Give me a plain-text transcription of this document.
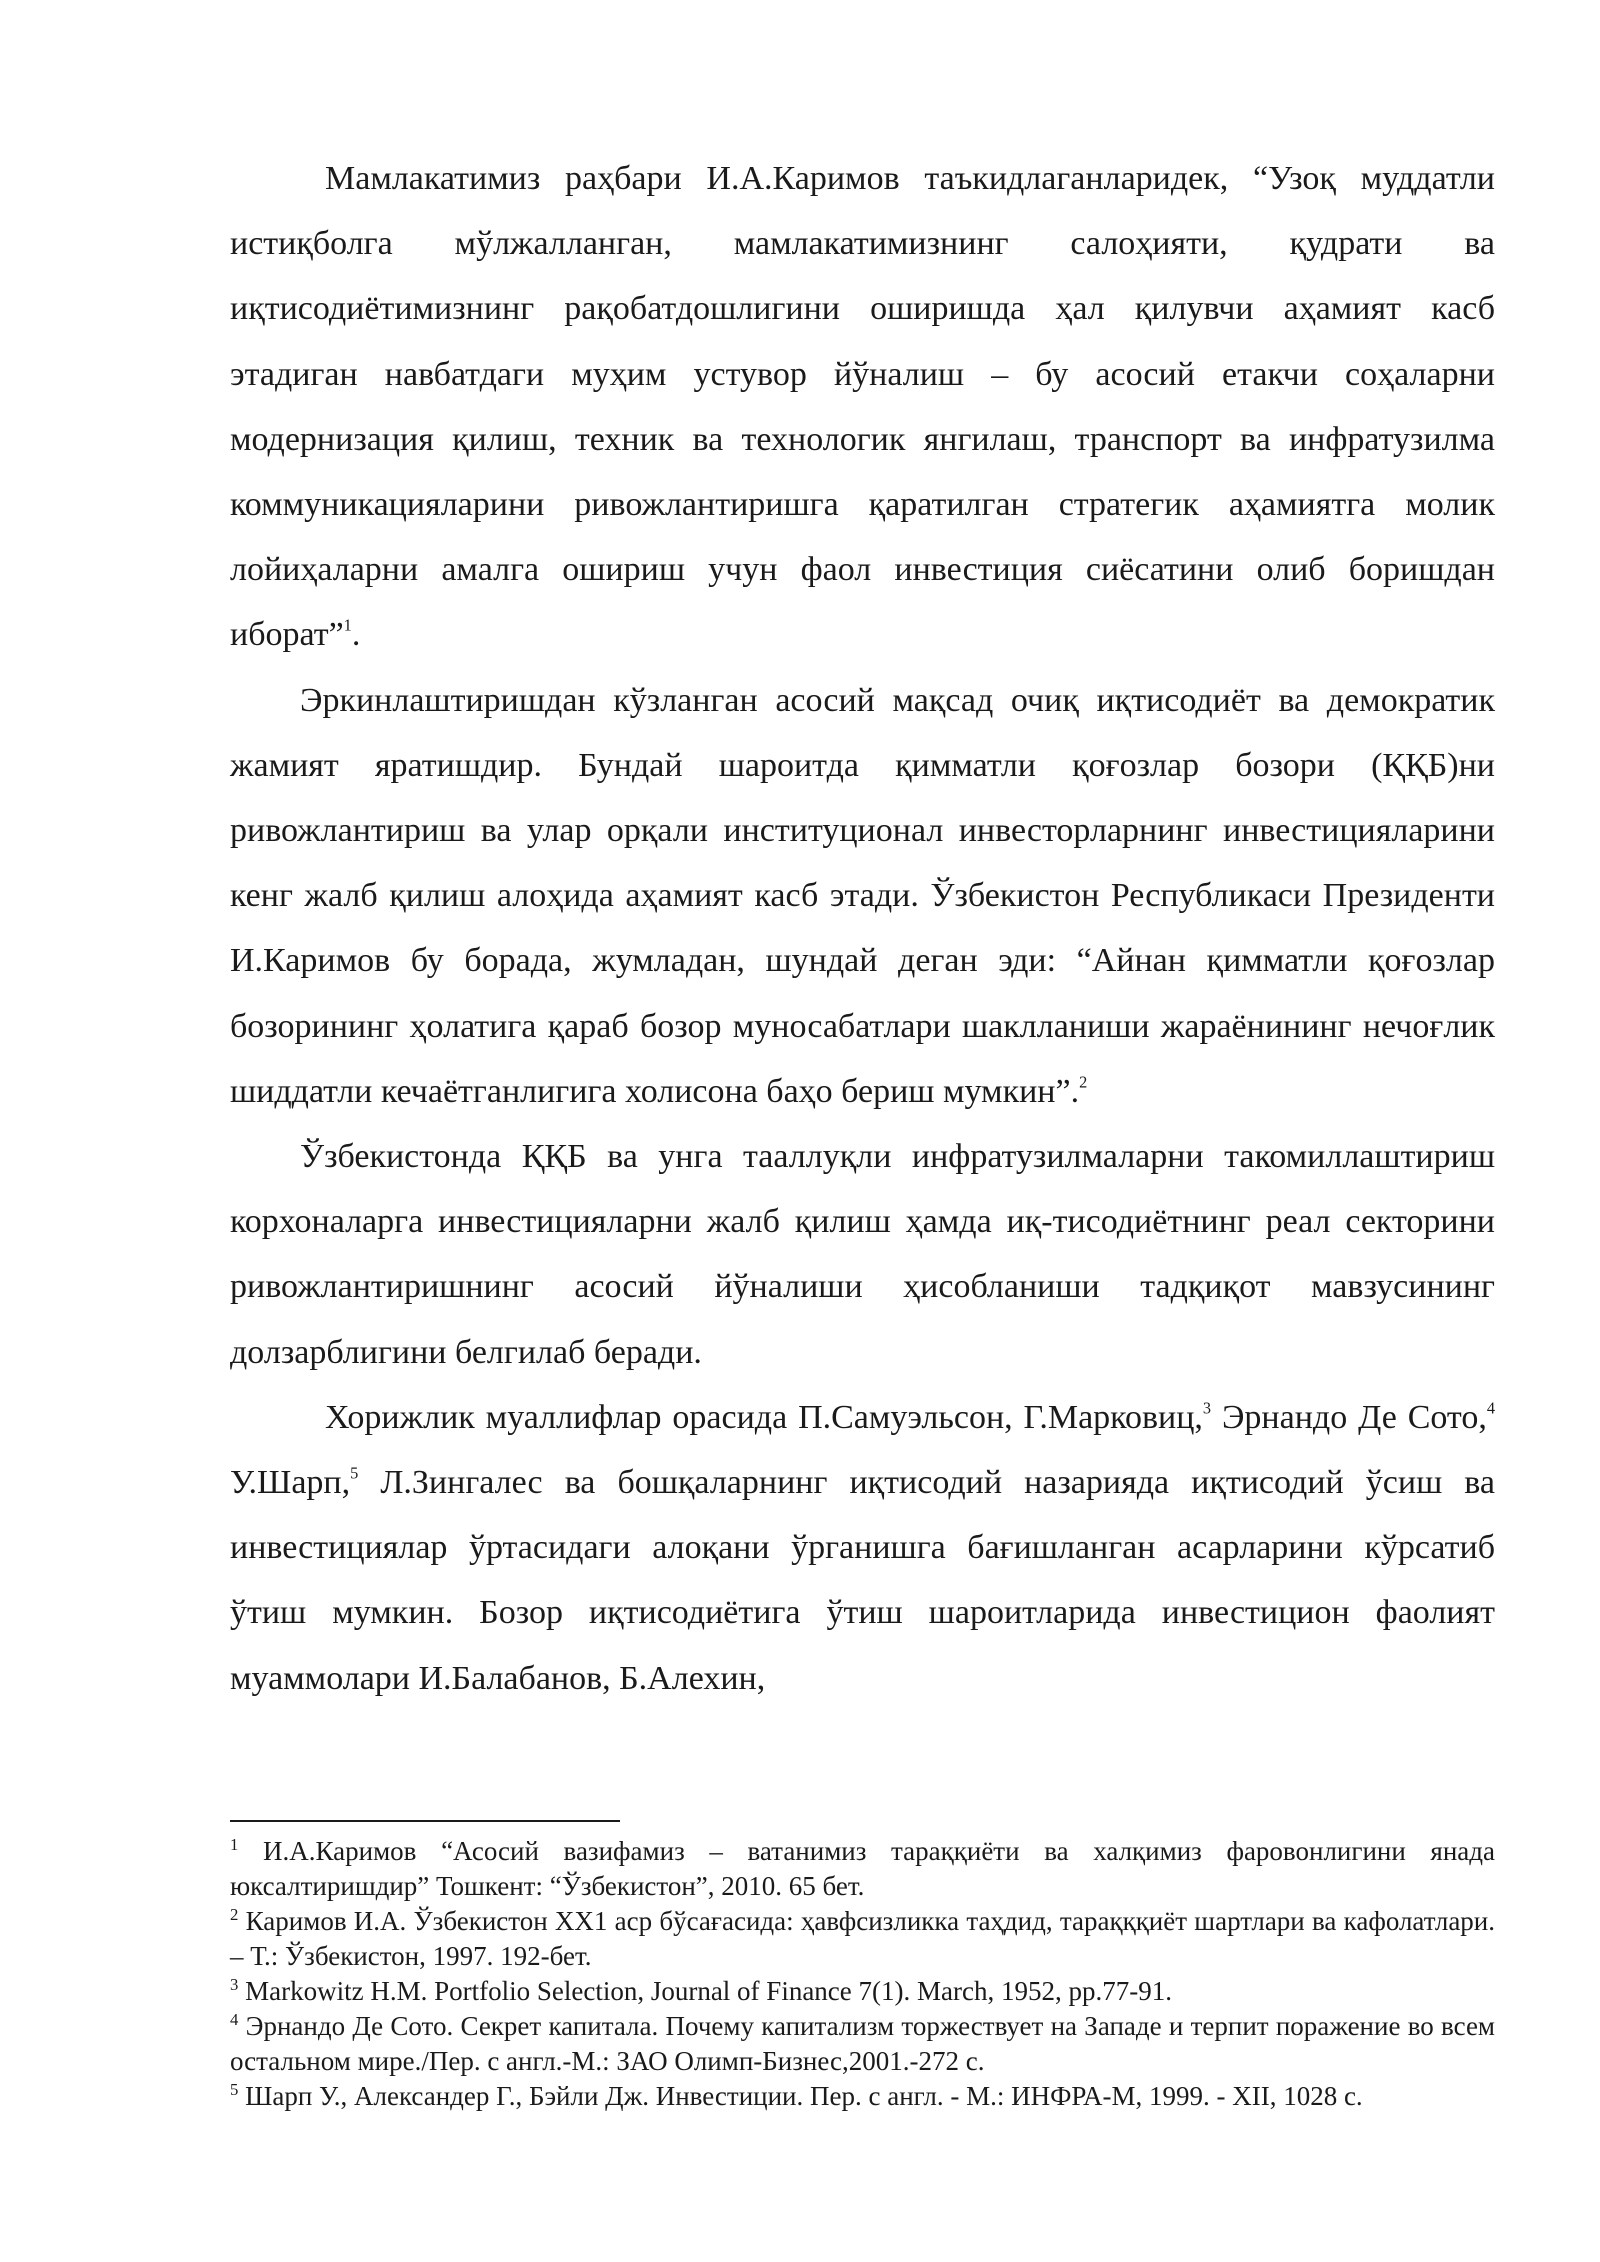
Мамлакатимиз раҳбари И.А.Каримов таъкидлаганларидек, “Узоқ муддатли истиқболга мўлжалланган, мамлакатимизнинг салоҳияти, қудрати ва иқтисодиётимизнинг рақобатдошлигини оширишда ҳал қилувчи аҳамият касб этадиган навбатдаги муҳим устувор йўналиш – бу асосий етакчи соҳаларни модернизация қилиш, техник ва технологик янгилаш, транспорт ва инфратузилма коммуникацияларини ривожлантиришга қаратилган стратегик аҳамиятга молик лойиҳаларни амалга ошириш учун фаол инвестиция сиёсатини олиб боришдан иборат”$^1$.

Эркинлаштиришдан кўзланган асосий мақсад очиқ иқтисодиёт ва демократик жамият яратишдир. Бундай шароитда қимматли қоғозлар бозори (ҚҚБ)ни ривожлантириш ва улар орқали институционал инвесторларнинг инвестицияларини кенг жалб қилиш алоҳида аҳамият касб этади. Ўзбекистон Республикаси Президенти И.Каримов бу борада, жумладан, шундай деган эди: “Айнан қимматли қоғозлар бозорининг ҳолатига қараб бозор муносабатлари шаклланиши жараёнининг нечоғлик шиддатли кечаётганлигига холисона баҳо бериш мумкин”.$^2$

Ўзбекистонда ҚҚБ ва унга тааллуқли инфратузилмаларни такомиллаштириш корхоналарга инвестицияларни жалб қилиш ҳамда иқ-тисодиётнинг реал секторини ривожлантиришнинг асосий йўналиши ҳисобланиши тадқиқот мавзусининг долзарблигини белгилаб беради.

Хорижлик муаллифлар орасида П.Самуэльсон, Г.Марковиц,$^3$ Эрнандо Де Сото,$^4$ У.Шарп,$^5$ Л.Зингалес ва бошқаларнинг иқтисодий назарияда иқтисодий ўсиш ва инвестициялар ўртасидаги алоқани ўрганишга бағишланган асарларини кўрсатиб ўтиш мумкин. Бозор иқтисодиётига ўтиш шароитларида инвестицион фаолият муаммолари И.Балабанов, Б.Алехин,

$^1$ И.А.Каримов “Асосий вазифамиз – ватанимиз тараққиёти ва халқимиз фаровонлигини янада юксалтиришдир” Тошкент: “Ўзбекистон”, 2010. 65 бет.

$^2$ Каримов И.А. Ўзбекистон XX1 аср бўсағасида: ҳавфсизликка таҳдид, тарақққиёт шартлари ва кафолатлари. – Т.: Ўзбекистон, 1997. 192-бет.

$^3$ Markowitz H.M. Portfolio Selection, Journal of Finance 7(1). March, 1952, pp.77-91.

$^4$ Эрнандо Де Сото. Секрет капитала. Почему капитализм торжествует на Западе и терпит поражение во всем остальном мире./Пер. с англ.-М.: ЗАО Олимп-Бизнес,2001.-272 с.

$^5$ Шарп У., Александер Г., Бэйли Дж. Инвестиции. Пер. с англ. - М.: ИНФРА-М, 1999. - XII, 1028 с.
